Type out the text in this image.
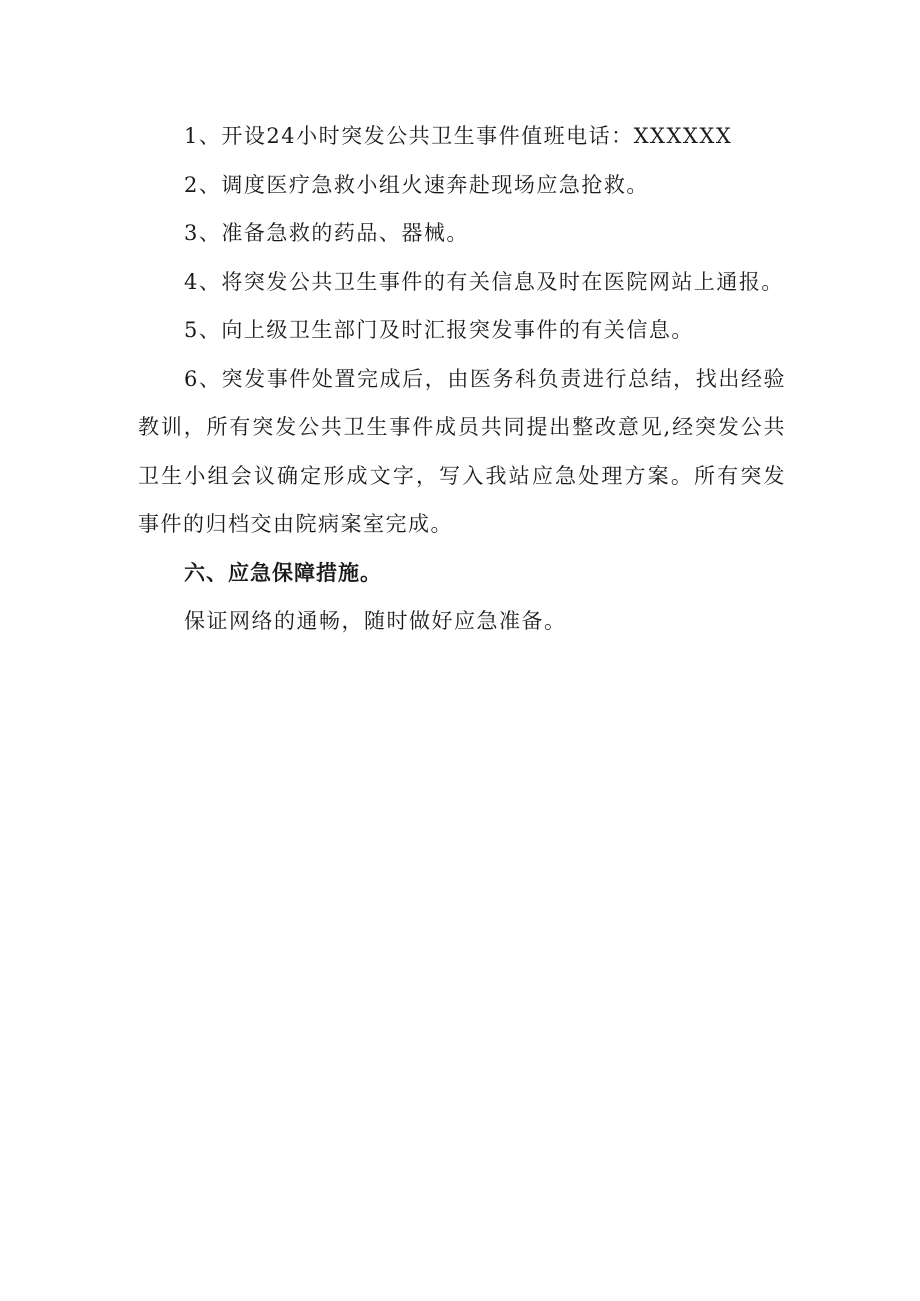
1、开设24小时突发公共卫生事件值班电话：XXXXXX

2、调度医疗急救小组火速奔赴现场应急抢救。

3、准备急救的药品、器械。

4、将突发公共卫生事件的有关信息及时在医院网站上通报。

5、向上级卫生部门及时汇报突发事件的有关信息。

6、突发事件处置完成后，由医务科负责进行总结，找出经验教训，所有突发公共卫生事件成员共同提出整改意见,经突发公共卫生小组会议确定形成文字，写入我站应急处理方案。所有突发事件的归档交由院病案室完成。

六、应急保障措施。

保证网络的通畅，随时做好应急准备。
